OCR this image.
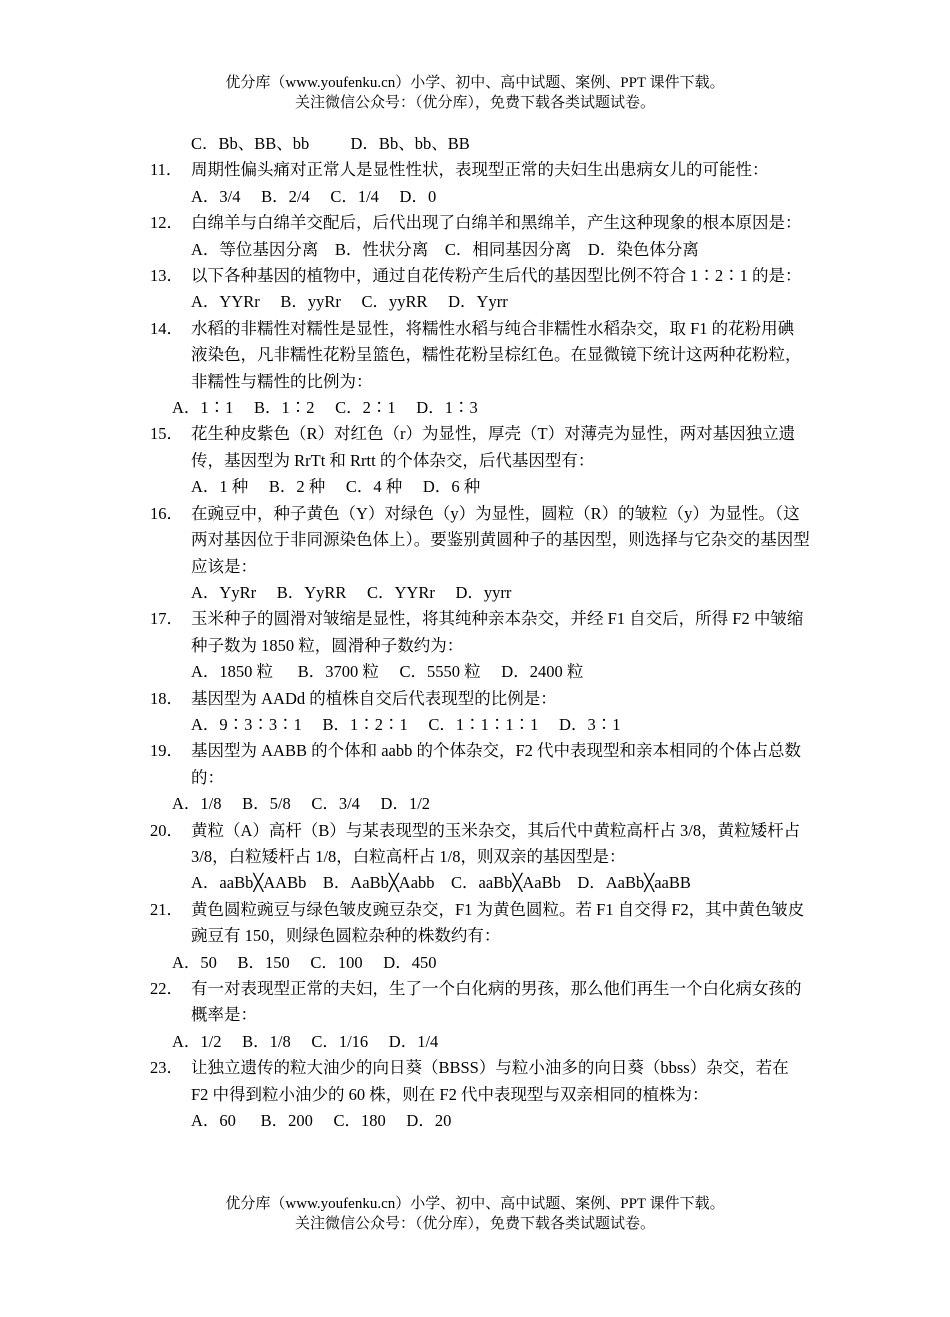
优分库（www.youfenku.cn）小学、初中、高中试题、案例、PPT 课件下载。
关注微信公众号：（优分库），免费下载各类试题试卷。
C．Bb、BB、bb          D．Bb、bb、BB
11． 周期性偏头痛对正常人是显性性状，表现型正常的夫妇生出患病女儿的可能性：
A．3/4     B．2/4     C．1/4     D．0
12． 白绵羊与白绵羊交配后，后代出现了白绵羊和黑绵羊，产生这种现象的根本原因是：
A．等位基因分离    B．性状分离    C．相同基因分离    D．染色体分离
13． 以下各种基因的植物中，通过自花传粉产生后代的基因型比例不符合 1∶2∶1 的是：
A．YYRr     B．yyRr     C．yyRR     D．Yyrr
14． 水稻的非糯性对糯性是显性，将糯性水稻与纯合非糯性水稻杂交，取 F1 的花粉用碘液染色，凡非糯性花粉呈篮色，糯性花粉呈棕红色。在显微镜下统计这两种花粉粒，非糯性与糯性的比例为：
A．1∶1     B．1∶2     C．2∶1     D．1∶3
15． 花生种皮紫色（R）对红色（r）为显性，厚壳（T）对薄壳为显性，两对基因独立遗传，基因型为 RrTt 和 Rrtt 的个体杂交，后代基因型有：
A．1 种     B．2 种     C．4 种     D．6 种
16． 在豌豆中，种子黄色（Y）对绿色（y）为显性，圆粒（R）的皱粒（y）为显性。（这两对基因位于非同源染色体上）。要鉴别黄圆种子的基因型，则选择与它杂交的基因型应该是：
A．YyRr     B．YyRR     C．YYRr     D．yyrr
17． 玉米种子的圆滑对皱缩是显性，将其纯种亲本杂交，并经 F1 自交后，所得 F2 中皱缩种子数为 1850 粒，圆滑种子数约为：
A．1850 粒      B．3700 粒     C．5550 粒     D．2400 粒
18． 基因型为 AADd 的植株自交后代表现型的比例是：
A．9∶3∶3∶1     B．1∶2∶1     C．1∶1∶1∶1     D．3∶1
19． 基因型为 AABB 的个体和 aabb 的个体杂交，F2 代中表现型和亲本相同的个体占总数的：
A．1/8     B．5/8     C．3/4     D．1/2
20． 黄粒（A）高杆（B）与某表现型的玉米杂交，其后代中黄粒高杆占 3/8，黄粒矮杆占 3/8，白粒矮杆占 1/8，白粒高杆占 1/8，则双亲的基因型是：
A．aaBb╳AABb    B．AaBb╳Aabb    C．aaBb╳AaBb    D．AaBb╳aaBB
21． 黄色圆粒豌豆与绿色皱皮豌豆杂交，F1 为黄色圆粒。若 F1 自交得 F2，其中黄色皱皮豌豆有 150，则绿色圆粒杂种的株数约有：
A．50     B．150     C．100     D．450
22． 有一对表现型正常的夫妇，生了一个白化病的男孩，那么他们再生一个白化病女孩的概率是：
A．1/2     B．1/8     C．1/16     D．1/4
23． 让独立遗传的粒大油少的向日葵（BBSS）与粒小油多的向日葵（bbss）杂交，若在 F2 中得到粒小油少的 60 株，则在 F2 代中表现型与双亲相同的植株为：
A．60      B．200     C．180     D．20
优分库（www.youfenku.cn）小学、初中、高中试题、案例、PPT 课件下载。
关注微信公众号：（优分库），免费下载各类试题试卷。
